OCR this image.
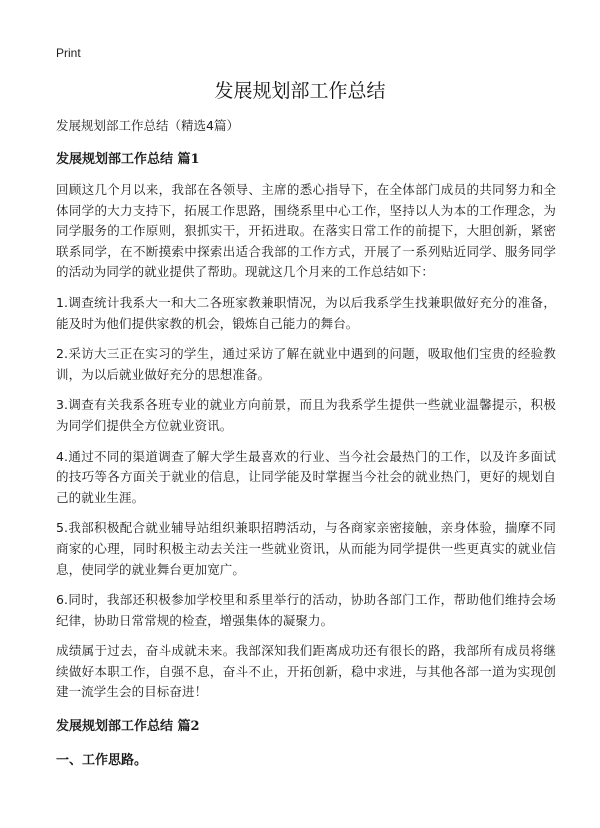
Print
发展规划部工作总结

发展规划部工作总结（精选4篇）

发展规划部工作总结 篇1

回顾这几个月以来，我部在各领导、主席的悉心指导下，在全体部门成员的共同努力和全体同学的大力支持下，拓展工作思路，围绕系里中心工作，坚持以人为本的工作理念，为同学服务的工作原则，狠抓实干，开拓进取。在落实日常工作的前提下，大胆创新，紧密联系同学，在不断摸索中探索出适合我部的工作方式，开展了一系列贴近同学、服务同学的活动为同学的就业提供了帮助。现就这几个月来的工作总结如下：

1.调查统计我系大一和大二各班家教兼职情况，为以后我系学生找兼职做好充分的准备，能及时为他们提供家教的机会，锻炼自己能力的舞台。

2.采访大三正在实习的学生，通过采访了解在就业中遇到的问题，吸取他们宝贵的经验教训，为以后就业做好充分的思想准备。

3.调查有关我系各班专业的就业方向前景，而且为我系学生提供一些就业温馨提示，积极为同学们提供全方位就业资讯。

4.通过不同的渠道调查了解大学生最喜欢的行业、当今社会最热门的工作，以及许多面试的技巧等各方面关于就业的信息，让同学能及时掌握当今社会的就业热门，更好的规划自己的就业生涯。

5.我部积极配合就业辅导站组织兼职招聘活动，与各商家亲密接触，亲身体验，揣摩不同商家的心理，同时积极主动去关注一些就业资讯，从而能为同学提供一些更真实的就业信息，使同学的就业舞台更加宽广。

6.同时，我部还积极参加学校里和系里举行的活动，协助各部门工作，帮助他们维持会场纪律，协助日常常规的检查，增强集体的凝聚力。

成绩属于过去，奋斗成就未来。我部深知我们距离成功还有很长的路，我部所有成员将继续做好本职工作，自强不息，奋斗不止，开拓创新，稳中求进，与其他各部一道为实现创建一流学生会的目标奋进！

发展规划部工作总结 篇2
一、工作思路。
